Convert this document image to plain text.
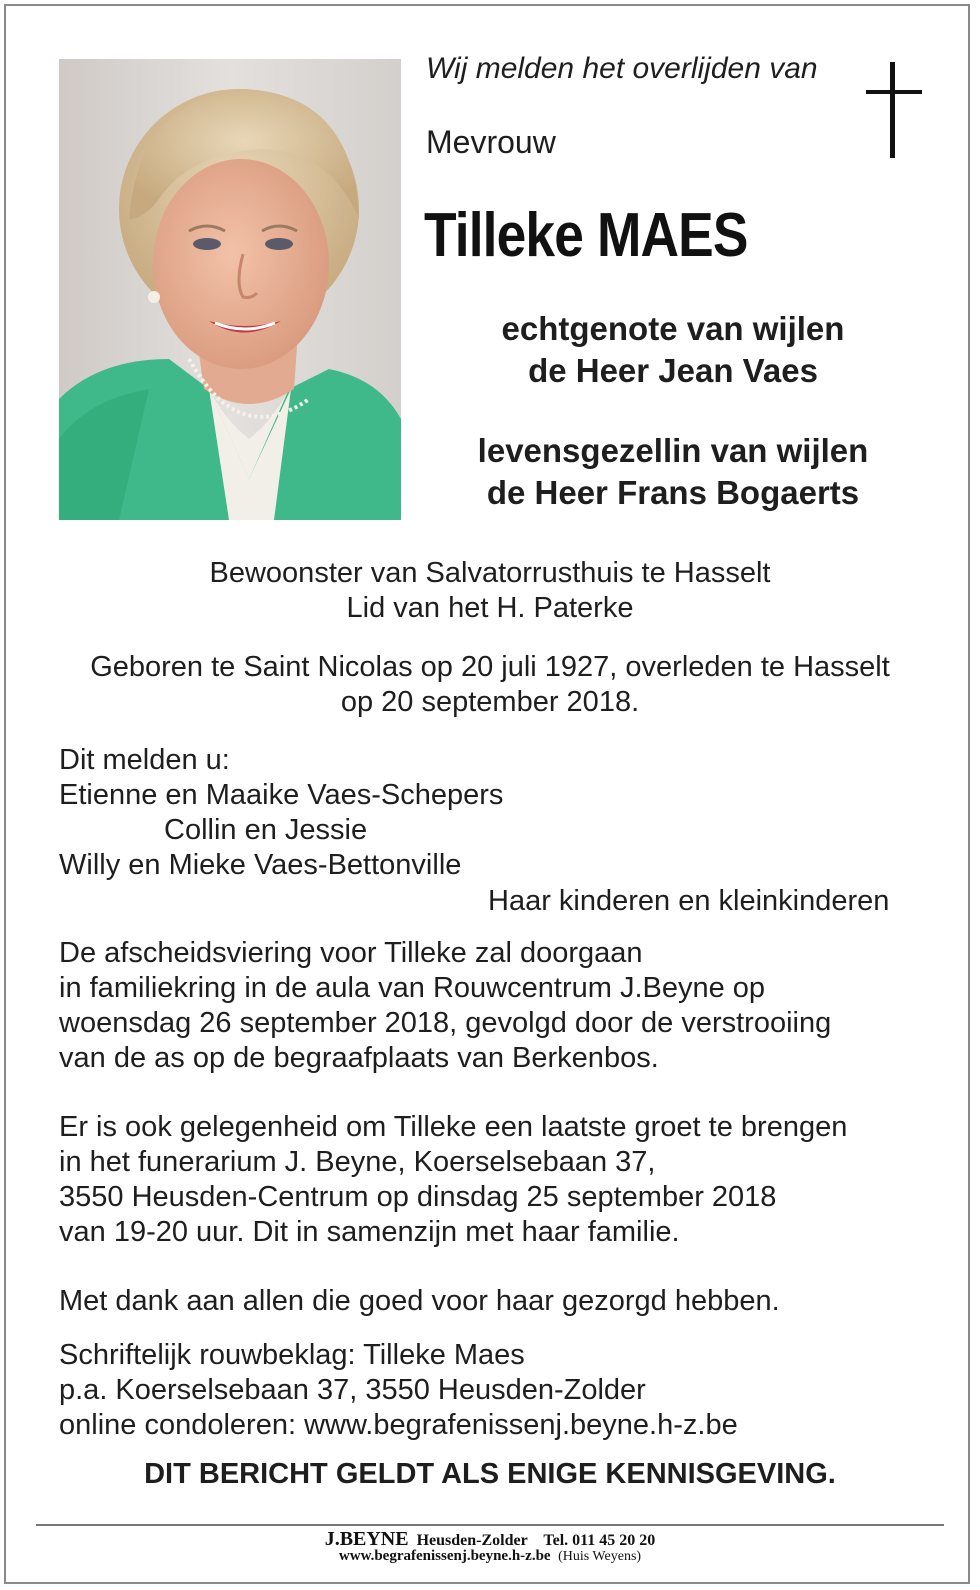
Wij melden het overlijden van
Mevrouw
Tilleke MAES
echtgenote van wijlen
de Heer Jean Vaes
levensgezellin van wijlen
de Heer Frans Bogaerts
Bewoonster van Salvatorrusthuis te Hasselt
Lid van het H. Paterke
Geboren te Saint Nicolas op 20 juli 1927, overleden te Hasselt
op 20 september 2018.
Dit melden u:
Etienne en Maaike Vaes-Schepers
Collin en Jessie
Willy en Mieke Vaes-Bettonville
Haar kinderen en kleinkinderen
De afscheidsviering voor Tilleke zal doorgaan
in familiekring in de aula van Rouwcentrum J.Beyne op
woensdag 26 september 2018, gevolgd door de verstrooiing
van de as op de begraafplaats van Berkenbos.
Er is ook gelegenheid om Tilleke een laatste groet te brengen
in het funerarium J. Beyne, Koerselsebaan 37,
3550 Heusden-Centrum op dinsdag 25 september 2018
van 19-20 uur. Dit in samenzijn met haar familie.
Met dank aan allen die goed voor haar gezorgd hebben.
Schriftelijk rouwbeklag: Tilleke Maes
p.a. Koerselsebaan 37, 3550 Heusden-Zolder
online condoleren: www.begrafenissenj.beyne.h-z.be
DIT BERICHT GELDT ALS ENIGE KENNISGEVING.
J.BEYNE Heusden-Zolder Tel. 011 45 20 20
www.begrafenissenj.beyne.h-z.be (Huis Weyens)
